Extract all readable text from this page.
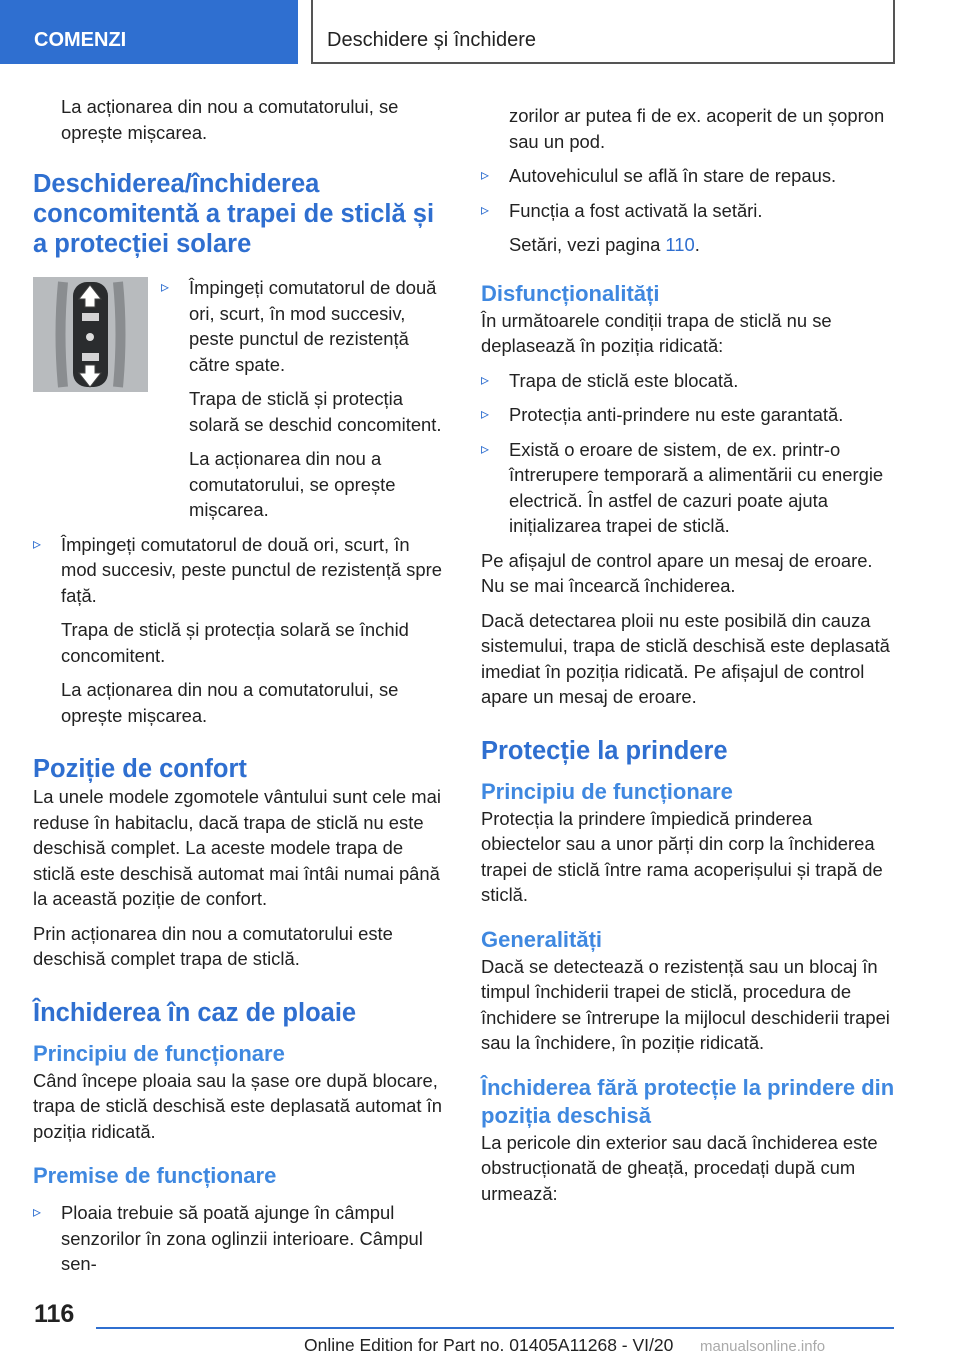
COMENZI	Deschidere și închidere

La acționarea din nou a comutatorului, se oprește mișcarea.

Deschiderea/închiderea concomitentă a trapei de sticlă și a protecției solare
▹ Împingeți comutatorul de două ori, scurt, în mod succesiv, peste punctul de rezistență către spate.

Trapa de sticlă și protecția solară se deschid concomitent.

La acționarea din nou a comutatorului, se oprește mișcarea.

▹ Împingeți comutatorul de două ori, scurt, în mod succesiv, peste punctul de rezistență spre față.

Trapa de sticlă și protecția solară se închid concomitent.

La acționarea din nou a comutatorului, se oprește mișcarea.

Poziție de confort

La unele modele zgomotele vântului sunt cele mai reduse în habitaclu, dacă trapa de sticlă nu este deschisă complet. La aceste modele trapa de sticlă este deschisă automat mai întâi numai până la această poziție de confort.

Prin acționarea din nou a comutatorului este deschisă complet trapa de sticlă.

Închiderea în caz de ploaie
Principiu de funcționare

Când începe ploaia sau la șase ore după blocare, trapa de sticlă deschisă este deplasată automat în poziția ridicată.

Premise de funcționare
▹ Ploaia trebuie să poată ajunge în câmpul senzorilor în zona oglinzii interioare. Câmpul sen-

zorilor ar putea fi de ex. acoperit de un șopron sau un pod.

▹ Autovehiculul se află în stare de repaus.
▹ Funcția a fost activată la setări.

Setări, vezi pagina 110.

Disfuncționalități

În următoarele condiții trapa de sticlă nu se deplasează în poziția ridicată:

▹ Trapa de sticlă este blocată.
▹ Protecția anti-prindere nu este garantată.
▹ Există o eroare de sistem, de ex. printr-o întrerupere temporară a alimentării cu energie electrică. În astfel de cazuri poate ajuta inițializarea trapei de sticlă.

Pe afișajul de control apare un mesaj de eroare. Nu se mai încearcă închiderea.

Dacă detectarea ploii nu este posibilă din cauza sistemului, trapa de sticlă deschisă este deplasată imediat în poziția ridicată. Pe afișajul de control apare un mesaj de eroare.

Protecție la prindere
Principiu de funcționare

Protecția la prindere împiedică prinderea obiectelor sau a unor părți din corp la închiderea trapei de sticlă între rama acoperișului și trapă de sticlă.

Generalități

Dacă se detectează o rezistență sau un blocaj în timpul închiderii trapei de sticlă, procedura de închidere se întrerupe la mijlocul deschiderii trapei sau la închidere, în poziție ridicată.

Închiderea fără protecție la prindere din poziția deschisă

La pericole din exterior sau dacă închiderea este obstrucționată de gheață, procedați după cum urmează:

116
Online Edition for Part no. 01405A11268 - VI/20 manualsonline.info
